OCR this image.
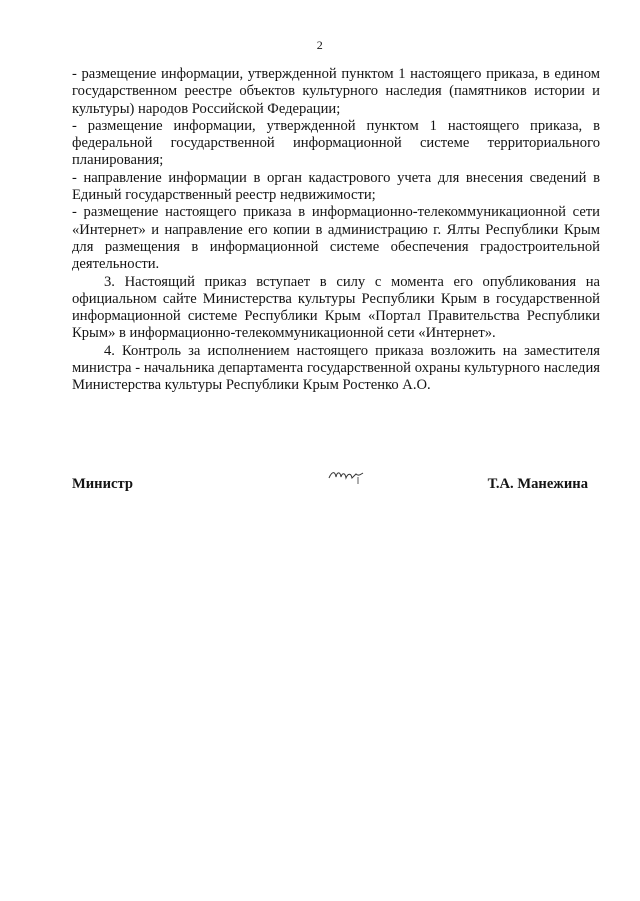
2

- размещение информации, утвержденной пунктом 1 настоящего приказа, в едином государственном реестре объектов культурного наследия (памятников истории и культуры) народов Российской Федерации;

- размещение информации, утвержденной пунктом 1 настоящего приказа, в федеральной государственной информационной системе территориального планирования;

- направление информации в орган кадастрового учета для внесения сведений в Единый государственный реестр недвижимости;

- размещение настоящего приказа в информационно-телекоммуникационной сети «Интернет» и направление его копии в администрацию г. Ялты Республики Крым для размещения в информационной системе обеспечения градостроительной деятельности.

3. Настоящий приказ вступает в силу с момента его опубликования на официальном сайте Министерства культуры Республики Крым в государственной информационной системе Республики Крым «Портал Правительства Республики Крым» в информационно-телекоммуникационной сети «Интернет».

4. Контроль за исполнением настоящего приказа возложить на заместителя министра - начальника департамента государственной охраны культурного наследия Министерства культуры Республики Крым Ростенко А.О.

Министр	Т.А. Манежина
